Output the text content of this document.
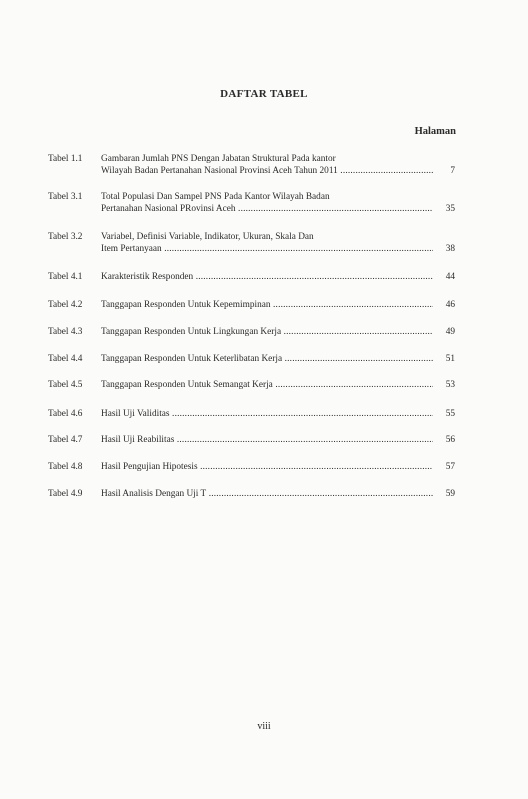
DAFTAR TABEL
Halaman
Tabel 1.1	Gambaran Jumlah PNS Dengan Jabatan Struktural Pada kantor
Wilayah Badan Pertanahan Nasional Provinsi Aceh Tahun 2011 .....	7
Tabel 3.1	Total Populasi Dan Sampel PNS Pada Kantor Wilayah Badan
Pertanahan Nasional PRovinsi Aceh .....	35
Tabel 3.2	Variabel, Definisi Variable, Indikator, Ukuran, Skala Dan
Item Pertanyaan .....	38
Tabel 4.1	Karakteristik Responden .....	44
Tabel 4.2	Tanggapan Responden Untuk Kepemimpinan .....	46
Tabel 4.3	Tanggapan Responden Untuk Lingkungan Kerja .....	49
Tabel 4.4	Tanggapan Responden Untuk Keterlibatan Kerja .....	51
Tabel 4.5	Tanggapan Responden Untuk Semangat Kerja .....	53
Tabel 4.6	Hasil Uji Validitas .....	55
Tabel 4.7	Hasil Uji Reabilitas .....	56
Tabel 4.8	Hasil Pengujian Hipotesis .....	57
Tabel 4.9	Hasil Analisis Dengan Uji T .....	59
viii
